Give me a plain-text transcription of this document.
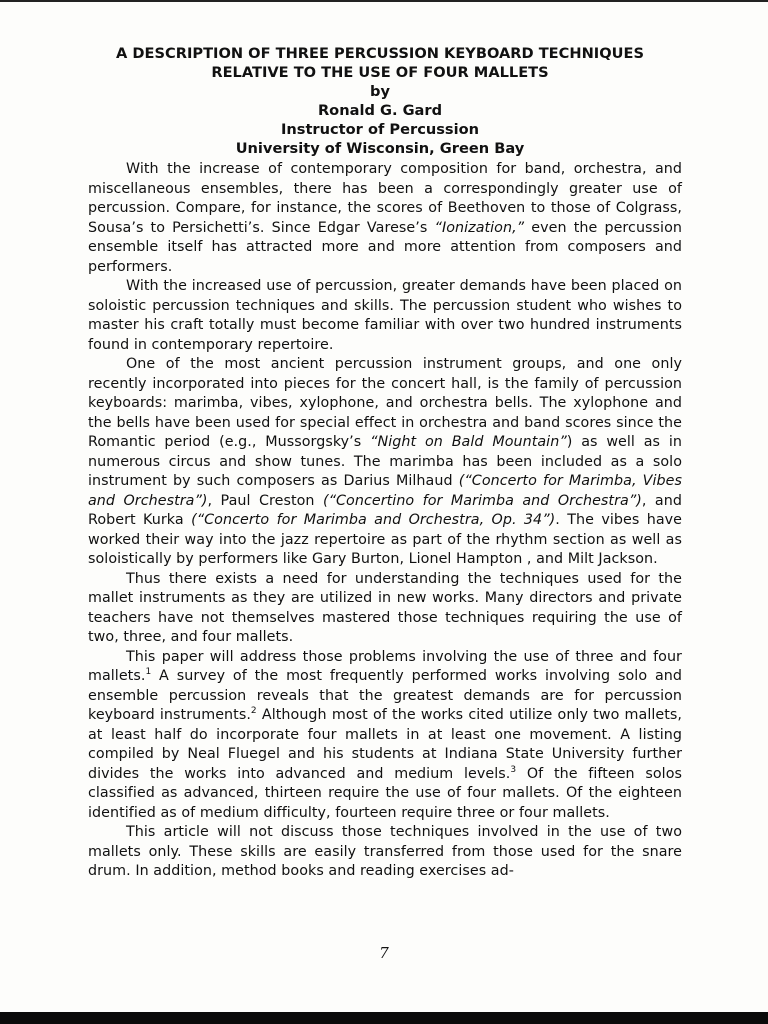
A DESCRIPTION OF THREE PERCUSSION KEYBOARD TECHNIQUES
RELATIVE TO THE USE OF FOUR MALLETS
by
Ronald G. Gard
Instructor of Percussion
University of Wisconsin, Green Bay

With the increase of contemporary composition for band, orchestra, and miscellaneous ensembles, there has been a correspondingly greater use of percussion. Compare, for instance, the scores of Beethoven to those of Colgrass, Sousa’s to Persichetti’s. Since Edgar Varese’s “Ionization,” even the percussion ensemble itself has attracted more and more attention from composers and performers.

With the increased use of percussion, greater demands have been placed on soloistic percussion techniques and skills. The percussion student who wishes to master his craft totally must become familiar with over two hundred instruments found in contemporary repertoire.

One of the most ancient percussion instrument groups, and one only recently incorporated into pieces for the concert hall, is the family of percussion keyboards: marimba, vibes, xylophone, and orchestra bells. The xylophone and the bells have been used for special effect in orchestra and band scores since the Romantic period (e.g., Mussorgsky’s “Night on Bald Mountain”) as well as in numerous circus and show tunes. The marimba has been included as a solo instrument by such composers as Darius Milhaud (“Concerto for Marimba, Vibes and Orchestra”), Paul Creston (“Concertino for Marimba and Orchestra”), and Robert Kurka (“Concerto for Marimba and Orchestra, Op. 34”). The vibes have worked their way into the jazz repertoire as part of the rhythm section as well as soloistically by performers like Gary Burton, Lionel Hampton , and Milt Jackson.

Thus there exists a need for understanding the techniques used for the mallet instruments as they are utilized in new works. Many directors and private teachers have not themselves mastered those techniques requiring the use of two, three, and four mallets.

This paper will address those problems involving the use of three and four mallets.$^1$ A survey of the most frequently performed works involving solo and ensemble percussion reveals that the greatest demands are for percussion keyboard instruments.$^2$ Although most of the works cited utilize only two mallets, at least half do incorporate four mallets in at least one movement. A listing compiled by Neal Fluegel and his students at Indiana State University further divides the works into advanced and medium levels.$^3$ Of the fifteen solos classified as advanced, thirteen require the use of four mallets. Of the eighteen identified as of medium difficulty, fourteen require three or four mallets.

This article will not discuss those techniques involved in the use of two mallets only. These skills are easily transferred from those used for the snare drum. In addition, method books and reading exercises ad-

7
